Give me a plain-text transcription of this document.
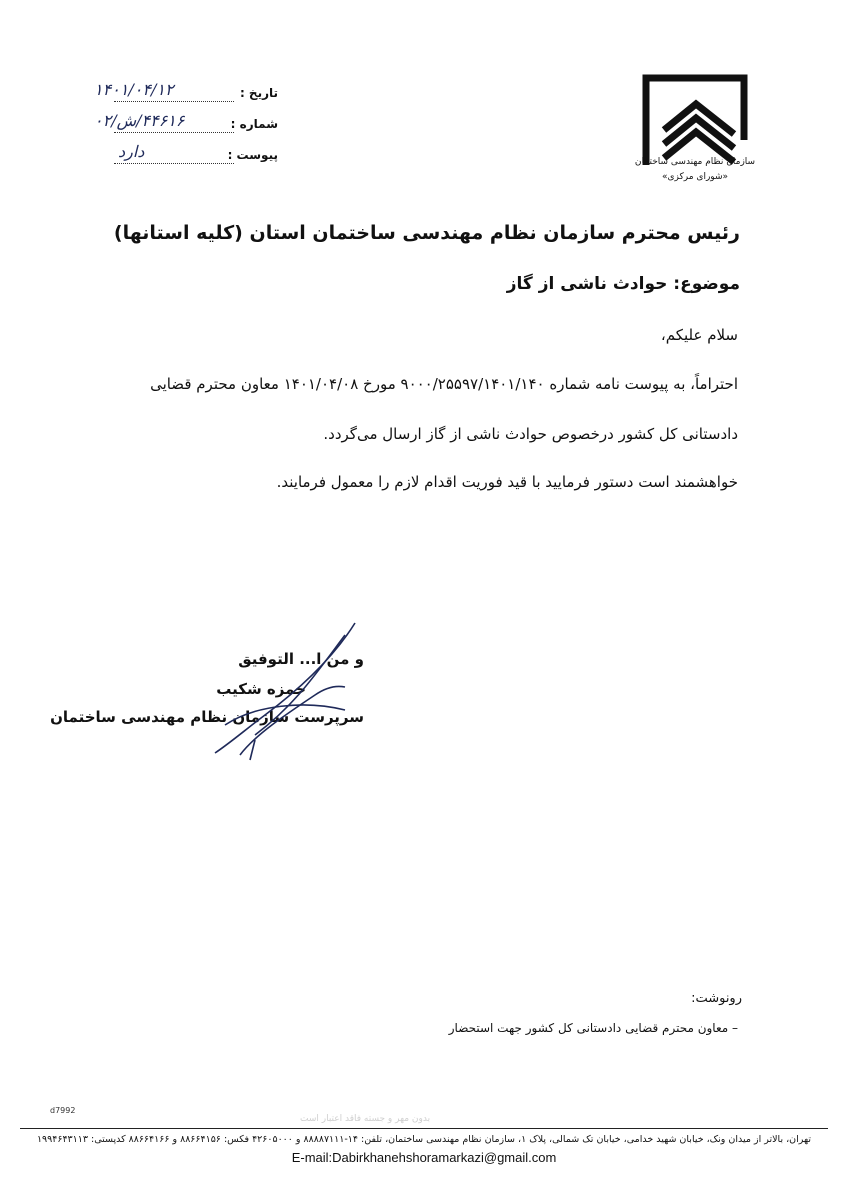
سازمان نظام مهندسی ساختمان
«شورای مرکزی»
تاریخ :
۱۴۰۱/۰۴/۱۲
شماره :
۴۴۶۱۶/ش/۰۲
پیوست :
دارد
رئیس محترم سازمان نظام مهندسی ساختمان استان (کلیه استانها)
موضوع: حوادث ناشی از گاز
سلام علیکم،
احتراماً، به پیوست نامه شماره ۹۰۰۰/۲۵۵۹۷/۱۴۰۱/۱۴۰ مورخ ۱۴۰۱/۰۴/۰۸ معاون محترم قضایی
دادستانی کل کشور درخصوص حوادث ناشی از گاز ارسال می‌گردد.
خواهشمند است دستور فرمایید با قید فوریت اقدام لازم را معمول فرمایند.
و من ا... التوفیق
حمزه شکیب
سرپرست سازمان نظام مهندسی ساختمان
رونوشت:
– معاون محترم قضایی دادستانی کل کشور جهت استحضار
d7992
بدون مهر و جسته فاقد اعتبار است
تهران، بالاتر از میدان ونک، خیابان شهید خدامی، خیابان تک شمالی، پلاک ۱، سازمان نظام مهندسی ساختمان، تلفن: ۱۴-۸۸۸۸۷۱۱۱ و ۴۲۶۰۵۰۰۰ فکس: ۸۸۶۶۴۱۵۶ و ۸۸۶۶۴۱۶۶ کدپستی: ۱۹۹۴۶۴۳۱۱۳
E-mail:Dabirkhanehshoramarkazi@gmail.com
